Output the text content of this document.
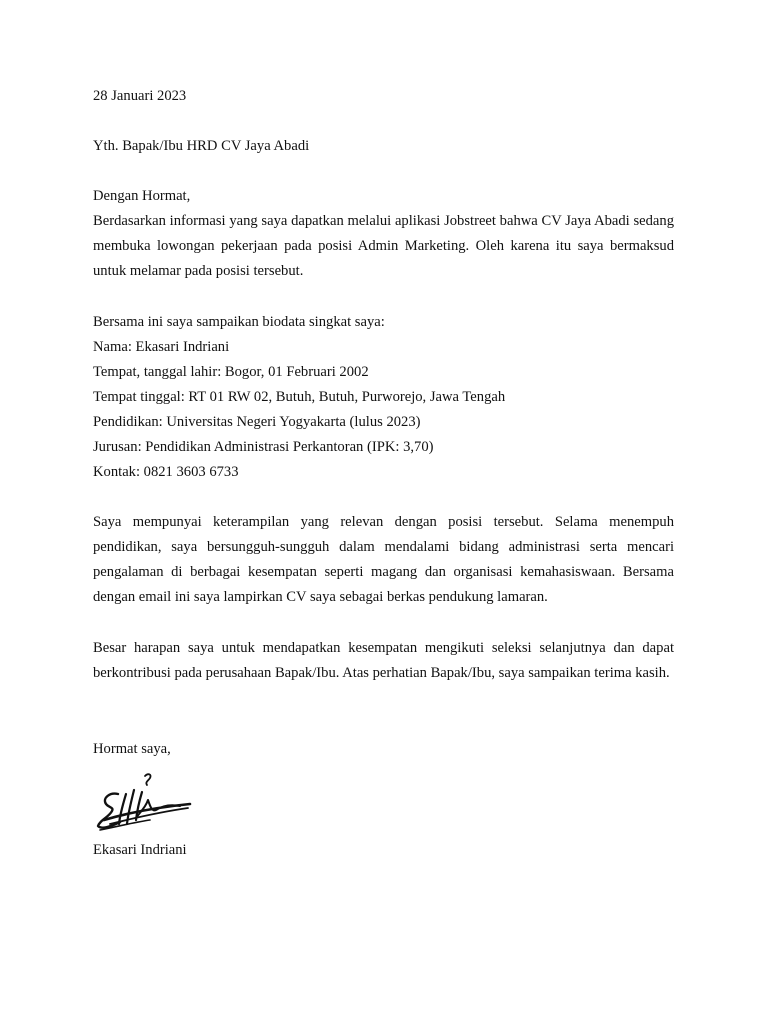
28 Januari 2023
Yth. Bapak/Ibu HRD CV Jaya Abadi
Dengan Hormat,
Berdasarkan informasi yang saya dapatkan melalui aplikasi Jobstreet bahwa CV Jaya Abadi sedang membuka lowongan pekerjaan pada posisi Admin Marketing. Oleh karena itu saya bermaksud untuk melamar pada posisi tersebut.
Bersama ini saya sampaikan biodata singkat saya:
Nama: Ekasari Indriani
Tempat, tanggal lahir: Bogor, 01 Februari 2002
Tempat tinggal: RT 01 RW 02, Butuh, Butuh, Purworejo, Jawa Tengah
Pendidikan: Universitas Negeri Yogyakarta (lulus 2023)
Jurusan: Pendidikan Administrasi Perkantoran (IPK: 3,70)
Kontak: 0821 3603 6733
Saya mempunyai keterampilan yang relevan dengan posisi tersebut. Selama menempuh pendidikan, saya bersungguh-sungguh dalam mendalami bidang administrasi serta mencari pengalaman di berbagai kesempatan seperti magang dan organisasi kemahasiswaan. Bersama dengan email ini saya lampirkan CV saya sebagai berkas pendukung lamaran.
Besar harapan saya untuk mendapatkan kesempatan mengikuti seleksi selanjutnya dan dapat berkontribusi pada perusahaan Bapak/Ibu. Atas perhatian Bapak/Ibu, saya sampaikan terima kasih.
Hormat saya,
Ekasari Indriani
